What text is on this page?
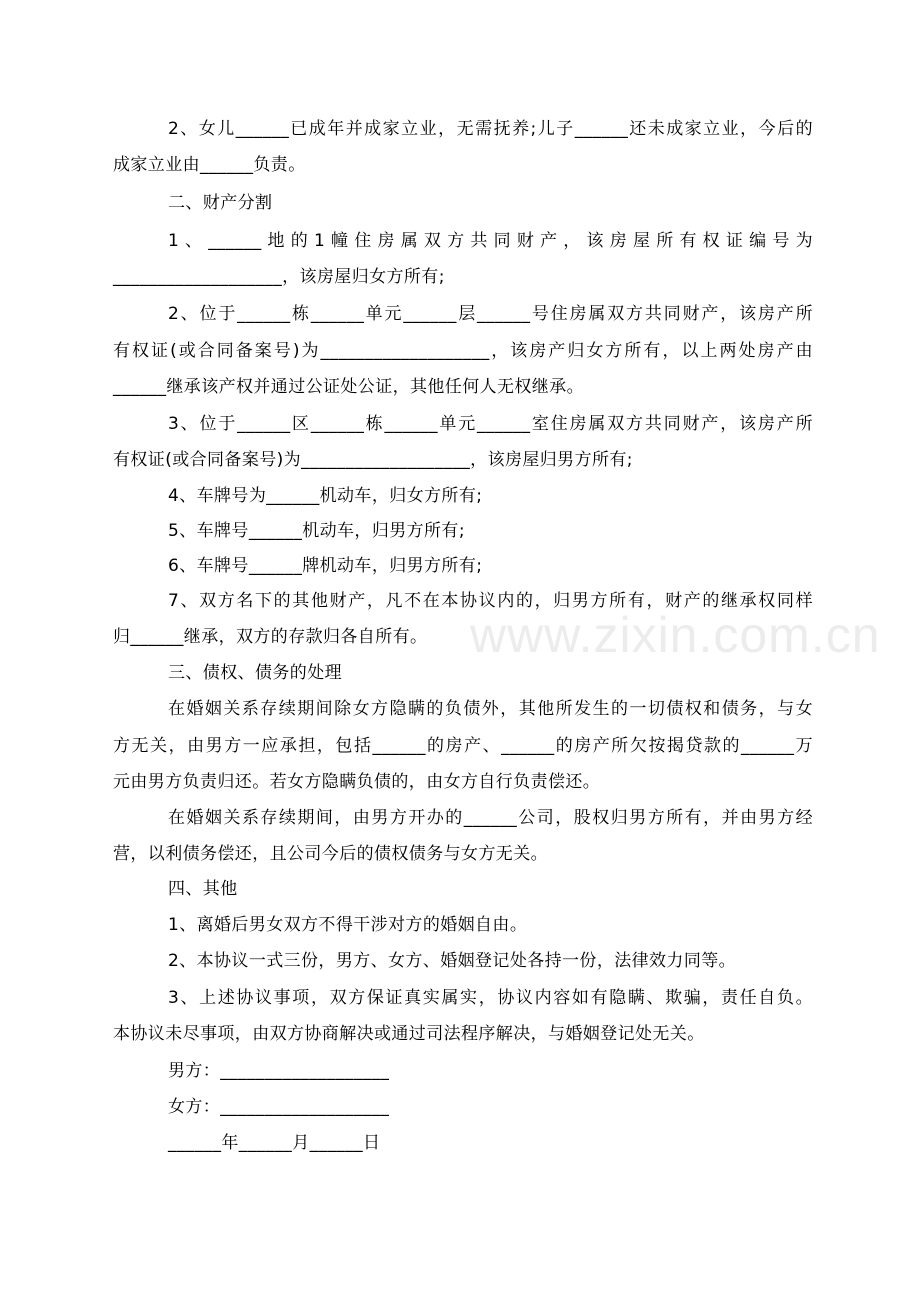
www.zixin.com.cn
2、女儿______已成年并成家立业，无需抚养;儿子______还未成家立业，今后的
成家立业由______负责。
二、财产分割
1、______地的1幢住房属双方共同财产，该房屋所有权证编号为
___________________，该房屋归女方所有;
2、位于______栋______单元______层______号住房属双方共同财产，该房产所
有权证(或合同备案号)为___________________，该房产归女方所有，以上两处房产由
______继承该产权并通过公证处公证，其他任何人无权继承。
3、位于______区______栋______单元______室住房属双方共同财产，该房产所
有权证(或合同备案号)为___________________，该房屋归男方所有;
4、车牌号为______机动车，归女方所有;
5、车牌号______机动车，归男方所有;
6、车牌号______牌机动车，归男方所有;
7、双方名下的其他财产，凡不在本协议内的，归男方所有，财产的继承权同样
归______继承，双方的存款归各自所有。
三、债权、债务的处理
在婚姻关系存续期间除女方隐瞒的负债外，其他所发生的一切债权和债务，与女
方无关，由男方一应承担，包括______的房产、______的房产所欠按揭贷款的______万
元由男方负责归还。若女方隐瞒负债的，由女方自行负责偿还。
在婚姻关系存续期间，由男方开办的______公司，股权归男方所有，并由男方经
营，以利债务偿还，且公司今后的债权债务与女方无关。
四、其他
1、离婚后男女双方不得干涉对方的婚姻自由。
2、本协议一式三份，男方、女方、婚姻登记处各持一份，法律效力同等。
3、上述协议事项，双方保证真实属实，协议内容如有隐瞒、欺骗，责任自负。
本协议未尽事项，由双方协商解决或通过司法程序解决，与婚姻登记处无关。
男方：___________________
女方：___________________
______年______月______日
